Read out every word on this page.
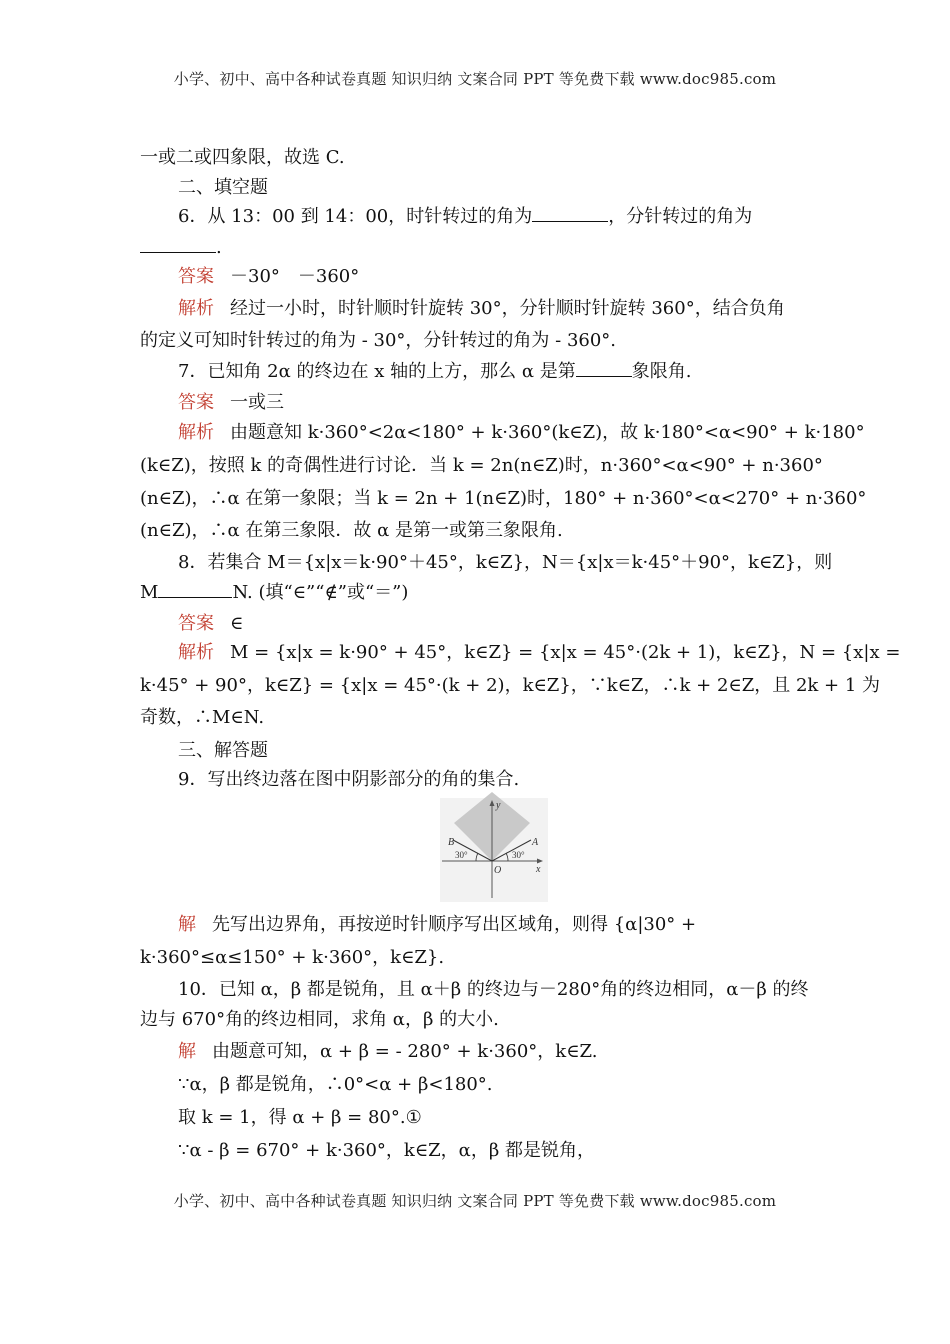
小学、初中、高中各种试卷真题 知识归纳 文案合同 PPT 等免费下载 www.doc985.com
一或二或四象限，故选 C.
二、填空题
6．从 13：00 到 14：00，时针转过的角为	，分针转过的角为
.
答案 －30°　－360°
解析 经过一小时，时针顺时针旋转 30°，分针顺时针旋转 360°，结合负角
的定义可知时针转过的角为 - 30°，分针转过的角为 - 360°.
7．已知角 2α 的终边在 x 轴的上方，那么 α 是第	象限角.
答案 一或三
解析 由题意知 k·360°<2α<180° + k·360°(k∈Z)，故 k·180°<α<90° + k·180°
(k∈Z)，按照 k 的奇偶性进行讨论．当 k = 2n(n∈Z)时，n·360°<α<90° + n·360°
(n∈Z)，∴α 在第一象限；当 k = 2n + 1(n∈Z)时，180° + n·360°<α<270° + n·360°
(n∈Z)，∴α 在第三象限．故 α 是第一或第三象限角.
8．若集合 M＝{x|x＝k·90°＋45°，k∈Z}，N＝{x|x＝k·45°＋90°，k∈Z}，则
M	N. (填“∈”“∉”或“＝”)
答案 ∈
解析 M = {x|x = k·90° + 45°，k∈Z} = {x|x = 45°·(2k + 1)，k∈Z}，N = {x|x =
k·45° + 90°，k∈Z} = {x|x = 45°·(k + 2)，k∈Z}，∵k∈Z，∴k + 2∈Z，且 2k + 1 为
奇数，∴M∈N.
三、解答题
9．写出终边落在图中阴影部分的角的集合.
y
x
O
A
B
30°
30°
解 先写出边界角，再按逆时针顺序写出区域角，则得 {α|30° +
k·360°≤α≤150° + k·360°，k∈Z}.
10．已知 α，β 都是锐角，且 α＋β 的终边与－280°角的终边相同，α－β 的终
边与 670°角的终边相同，求角 α，β 的大小.
解 由题意可知，α + β = - 280° + k·360°，k∈Z.
∵α，β 都是锐角，∴0°<α + β<180°.
取 k = 1，得 α + β = 80°.①
∵α - β = 670° + k·360°，k∈Z，α，β 都是锐角，
小学、初中、高中各种试卷真题 知识归纳 文案合同 PPT 等免费下载 www.doc985.com
